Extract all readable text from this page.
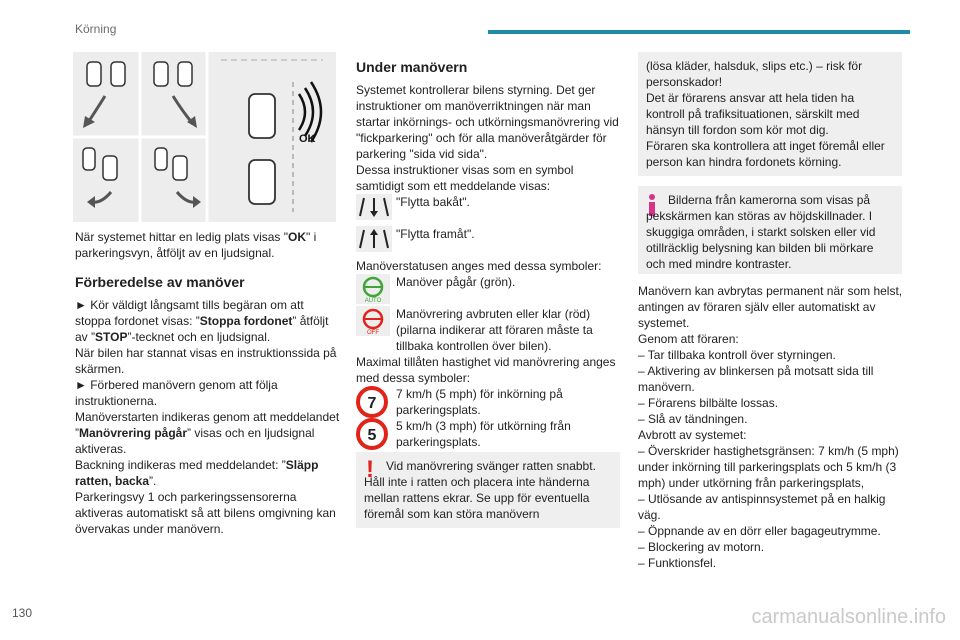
Körning
OK

När systemet hittar en ledig plats visas "OK" i parkeringsvyn, åtföljt av en ljudsignal.

Förberedelse av manöver

► Kör väldigt långsamt tills begäran om att stoppa fordonet visas: ”Stoppa fordonet” åtföljt av ”STOP”-tecknet och en ljudsignal.

När bilen har stannat visas en instruktionssida på skärmen.

► Förbered manövern genom att följa instruktionerna.

Manöverstarten indikeras genom att meddelandet ”Manövrering pågår” visas och en ljudsignal aktiveras.

Backning indikeras med meddelandet: ”Släpp ratten, backa”.

Parkeringsvy 1 och parkeringssensorerna aktiveras automatiskt så att bilens omgivning kan övervakas under manövern.

Under manövern

Systemet kontrollerar bilens styrning. Det ger instruktioner om manöverriktningen när man startar inkörnings- och utkörningsmanövrering vid "fickparkering" och för alla manöveråtgärder för parkering "sida vid sida".

Dessa instruktioner visas som en symbol samtidigt som ett meddelande visas:

"Flytta bakåt".
"Flytta framåt".

Manöverstatusen anges med dessa symboler:

AUTO
Manöver pågår (grön).
OFF
Manövrering avbruten eller klar (röd) (pilarna indikerar att föraren måste ta tillbaka kontrollen över bilen).

Maximal tillåten hastighet vid manövrering anges med dessa symboler:

7
7 km/h (5 mph) för inkörning på parkeringsplats.
5
5 km/h (3 mph) för utkörning från parkeringsplats.
!	Vid manövrering svänger ratten snabbt. Håll inte i ratten och placera inte händerna mellan rattens ekrar. Se upp för eventuella föremål som kan störa manövern

(lösa kläder, halsduk, slips etc.) – risk för personskador!

Det är förarens ansvar att hela tiden ha kontroll på trafiksituationen, särskilt med hänsyn till fordon som kör mot dig.

Föraren ska kontrollera att inget föremål eller person kan hindra fordonets körning.

Bilderna från kamerorna som visas på pekskärmen kan störas av höjdskillnader. I skuggiga områden, i starkt solsken eller vid otillräcklig belysning kan bilden bli mörkare och med mindre kontraster.

Manövern kan avbrytas permanent när som helst, antingen av föraren själv eller automatiskt av systemet.

Genom att föraren:

– Tar tillbaka kontroll över styrningen.

– Aktivering av blinkersen på motsatt sida till manövern.

– Förarens bilbälte lossas.

– Slå av tändningen.

Avbrott av systemet:

– Överskrider hastighetsgränsen: 7 km/h (5 mph) under inkörning till parkeringsplats och 5 km/h (3 mph) under utkörning från parkeringsplats,

– Utlösande av antispinnsystemet på en halkig väg.

– Öppnande av en dörr eller bagageutrymme.

– Blockering av motorn.

– Funktionsfel.

130	carmanualsonline.info
